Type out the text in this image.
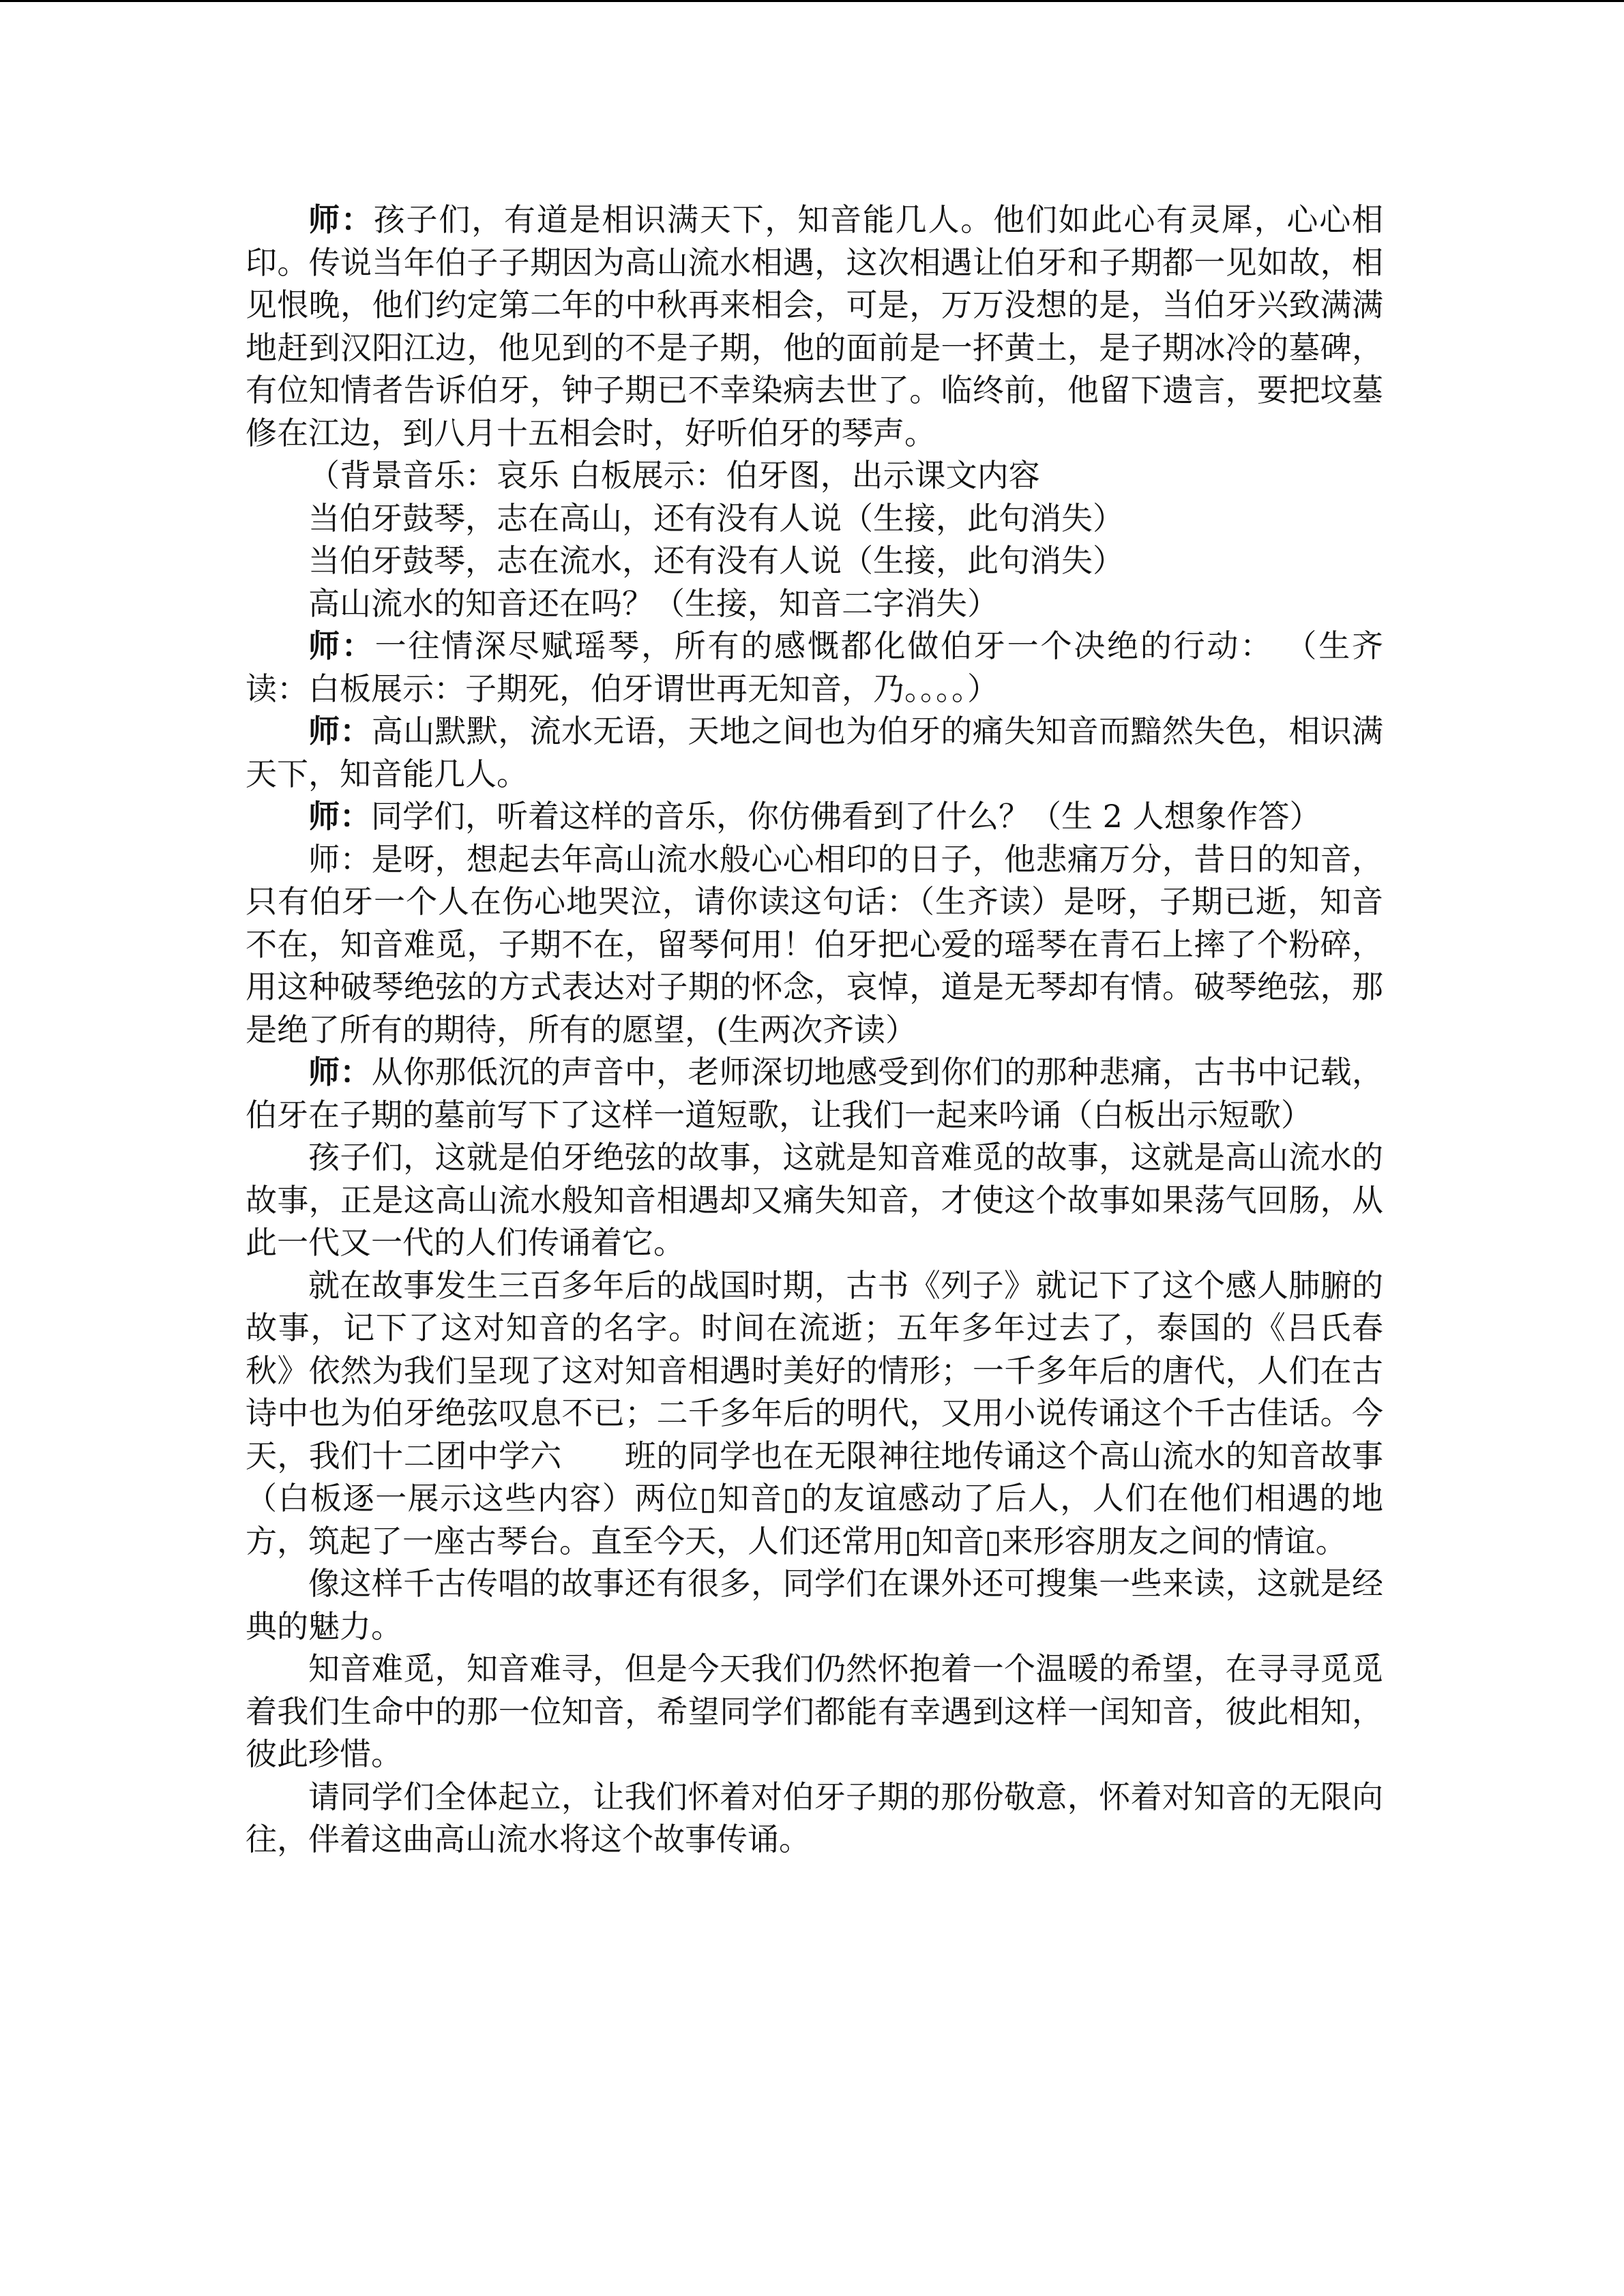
师：孩子们，有道是相识满天下，知音能几人。他们如此心有灵犀，心心相印。传说当年伯子子期因为高山流水相遇，这次相遇让伯牙和子期都一见如故，相见恨晚，他们约定第二年的中秋再来相会，可是，万万没想的是，当伯牙兴致满满地赶到汉阳江边，他见到的不是子期，他的面前是一抔黄土，是子期冰冷的墓碑，有位知情者告诉伯牙，钟子期已不幸染病去世了。临终前，他留下遗言，要把坟墓修在江边，到八月十五相会时，好听伯牙的琴声。

（背景音乐：哀乐 白板展示：伯牙图，出示课文内容

当伯牙鼓琴，志在高山，还有没有人说（生接，此句消失）

当伯牙鼓琴，志在流水，还有没有人说（生接，此句消失）

高山流水的知音还在吗？（生接，知音二字消失）

师：一往情深尽赋瑶琴，所有的感慨都化做伯牙一个决绝的行动： （生齐读：白板展示：子期死，伯牙谓世再无知音，乃。。。。）

师：高山默默，流水无语，天地之间也为伯牙的痛失知音而黯然失色，相识满天下，知音能几人。

师：同学们，听着这样的音乐，你仿佛看到了什么？（生 2 人想象作答）

师：是呀，想起去年高山流水般心心相印的日子，他悲痛万分，昔日的知音，只有伯牙一个人在伤心地哭泣，请你读这句话：（生齐读）是呀，子期已逝，知音不在，知音难觅，子期不在，留琴何用！伯牙把心爱的瑶琴在青石上摔了个粉碎，用这种破琴绝弦的方式表达对子期的怀念，哀悼，道是无琴却有情。破琴绝弦，那是绝了所有的期待，所有的愿望，(生两次齐读）

师：从你那低沉的声音中，老师深切地感受到你们的那种悲痛，古书中记载，伯牙在子期的墓前写下了这样一道短歌，让我们一起来吟诵（白板出示短歌）

孩子们，这就是伯牙绝弦的故事，这就是知音难觅的故事，这就是高山流水的故事，正是这高山流水般知音相遇却又痛失知音，才使这个故事如果荡气回肠，从此一代又一代的人们传诵着它。

就在故事发生三百多年后的战国时期，古书《列子》就记下了这个感人肺腑的故事，记下了这对知音的名字。时间在流逝；五年多年过去了，泰国的《吕氏春秋》依然为我们呈现了这对知音相遇时美好的情形；一千多年后的唐代，人们在古诗中也为伯牙绝弦叹息不已；二千多年后的明代，又用小说传诵这个千古佳话。今天，我们十二团中学六 班的同学也在无限神往地传诵这个高山流水的知音故事（白板逐一展示这些内容）两位▯知音▯的友谊感动了后人，人们在他们相遇的地方，筑起了一座古琴台。直至今天，人们还常用▯知音▯来形容朋友之间的情谊。

像这样千古传唱的故事还有很多，同学们在课外还可搜集一些来读，这就是经典的魅力。

知音难觅，知音难寻，但是今天我们仍然怀抱着一个温暖的希望，在寻寻觅觅着我们生命中的那一位知音，希望同学们都能有幸遇到这样一闰知音，彼此相知，彼此珍惜。

请同学们全体起立，让我们怀着对伯牙子期的那份敬意，怀着对知音的无限向往，伴着这曲高山流水将这个故事传诵。
